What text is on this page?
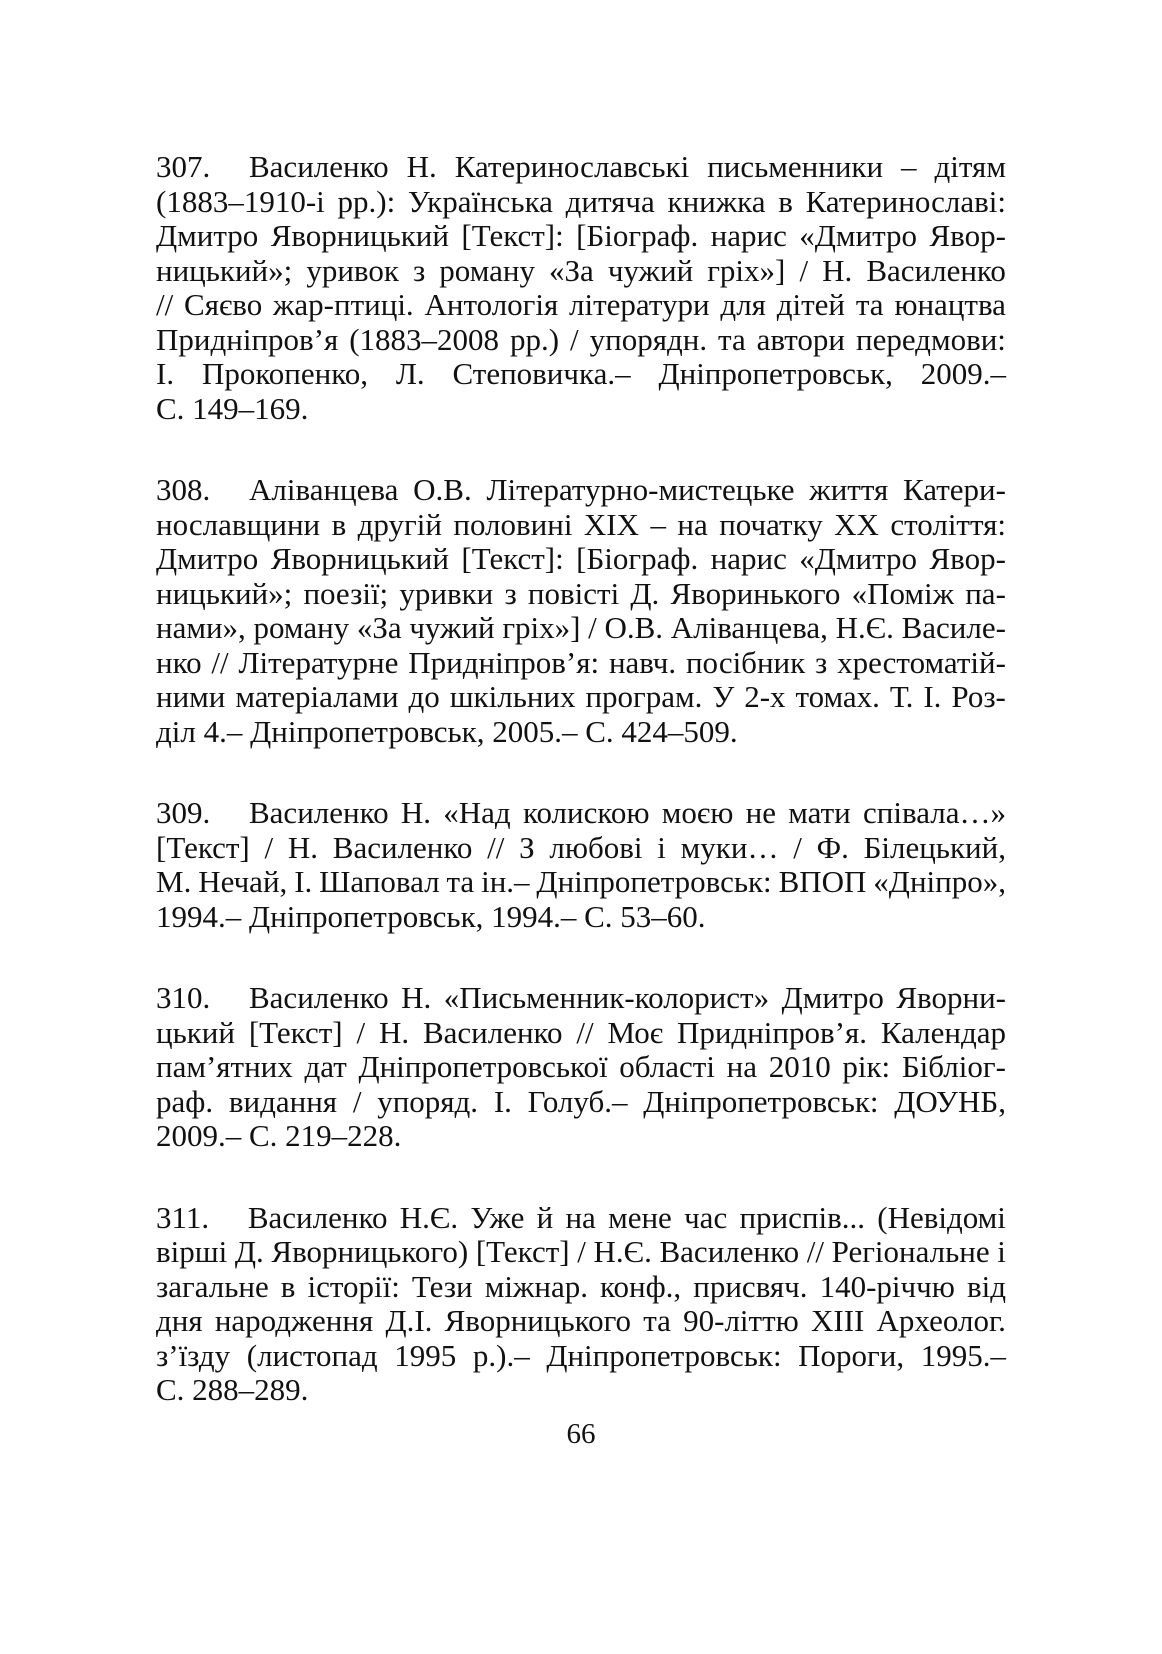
307.     Василенко Н. Катеринославські письменники – дітям
(1883–1910-і рр.): Українська дитяча книжка в Катеринославі:
Дмитро Яворницький [Текст]: [Біограф. нарис «Дмитро Явор-
ницький»; уривок з роману «За чужий гріх»] / Н. Василенко
// Сяєво жар-птиці. Антологія літератури для дітей та юнацтва
Придніпров’я (1883–2008 рр.) / упорядн. та автори передмови:
І. Прокопенко, Л. Степовичка.– Дніпропетровськ, 2009.–
С. 149–169.
308.     Аліванцева О.В. Літературно-мистецьке життя Катери-
нославщини в другій половині ХІХ – на початку ХХ століття:
Дмитро Яворницький [Текст]: [Біограф. нарис «Дмитро Явор-
ницький»; поезії; уривки з повісті Д. Яворинького «Поміж па-
нами», роману «За чужий гріх»] / О.В. Аліванцева, Н.Є. Василе-
нко // Літературне Придніпров’я: навч. посібник з хрестоматій-
ними матеріалами до шкільних програм. У 2-х томах. Т. І. Роз-
діл 4.– Дніпропетровськ, 2005.– С. 424–509.
309.     Василенко Н. «Над колискою моєю не мати співала…»
[Текст] / Н. Василенко // З любові і муки… / Ф. Білецький,
М. Нечай, І. Шаповал та ін.– Дніпропетровськ: ВПОП «Дніпро»,
1994.– Дніпропетровськ, 1994.– С. 53–60.
310.     Василенко Н. «Письменник-колорист» Дмитро Яворни-
цький [Текст] / Н. Василенко // Моє Придніпров’я. Календар
пам’ятних дат Дніпропетровської області на 2010 рік: Бібліог-
раф. видання / упоряд. І. Голуб.– Дніпропетровськ: ДОУНБ,
2009.– С. 219–228.
311.     Василенко Н.Є. Уже й на мене час приспів... (Невідомі
вірші Д. Яворницького) [Текст] / Н.Є. Василенко // Регіональне і
загальне в історії: Тези міжнар. конф., присвяч. 140-річчю від
дня народження Д.І. Яворницького та 90-літтю ХІІІ Археолог.
з’їзду (листопад 1995 р.).– Дніпропетровськ: Пороги, 1995.–
С. 288–289.
66
